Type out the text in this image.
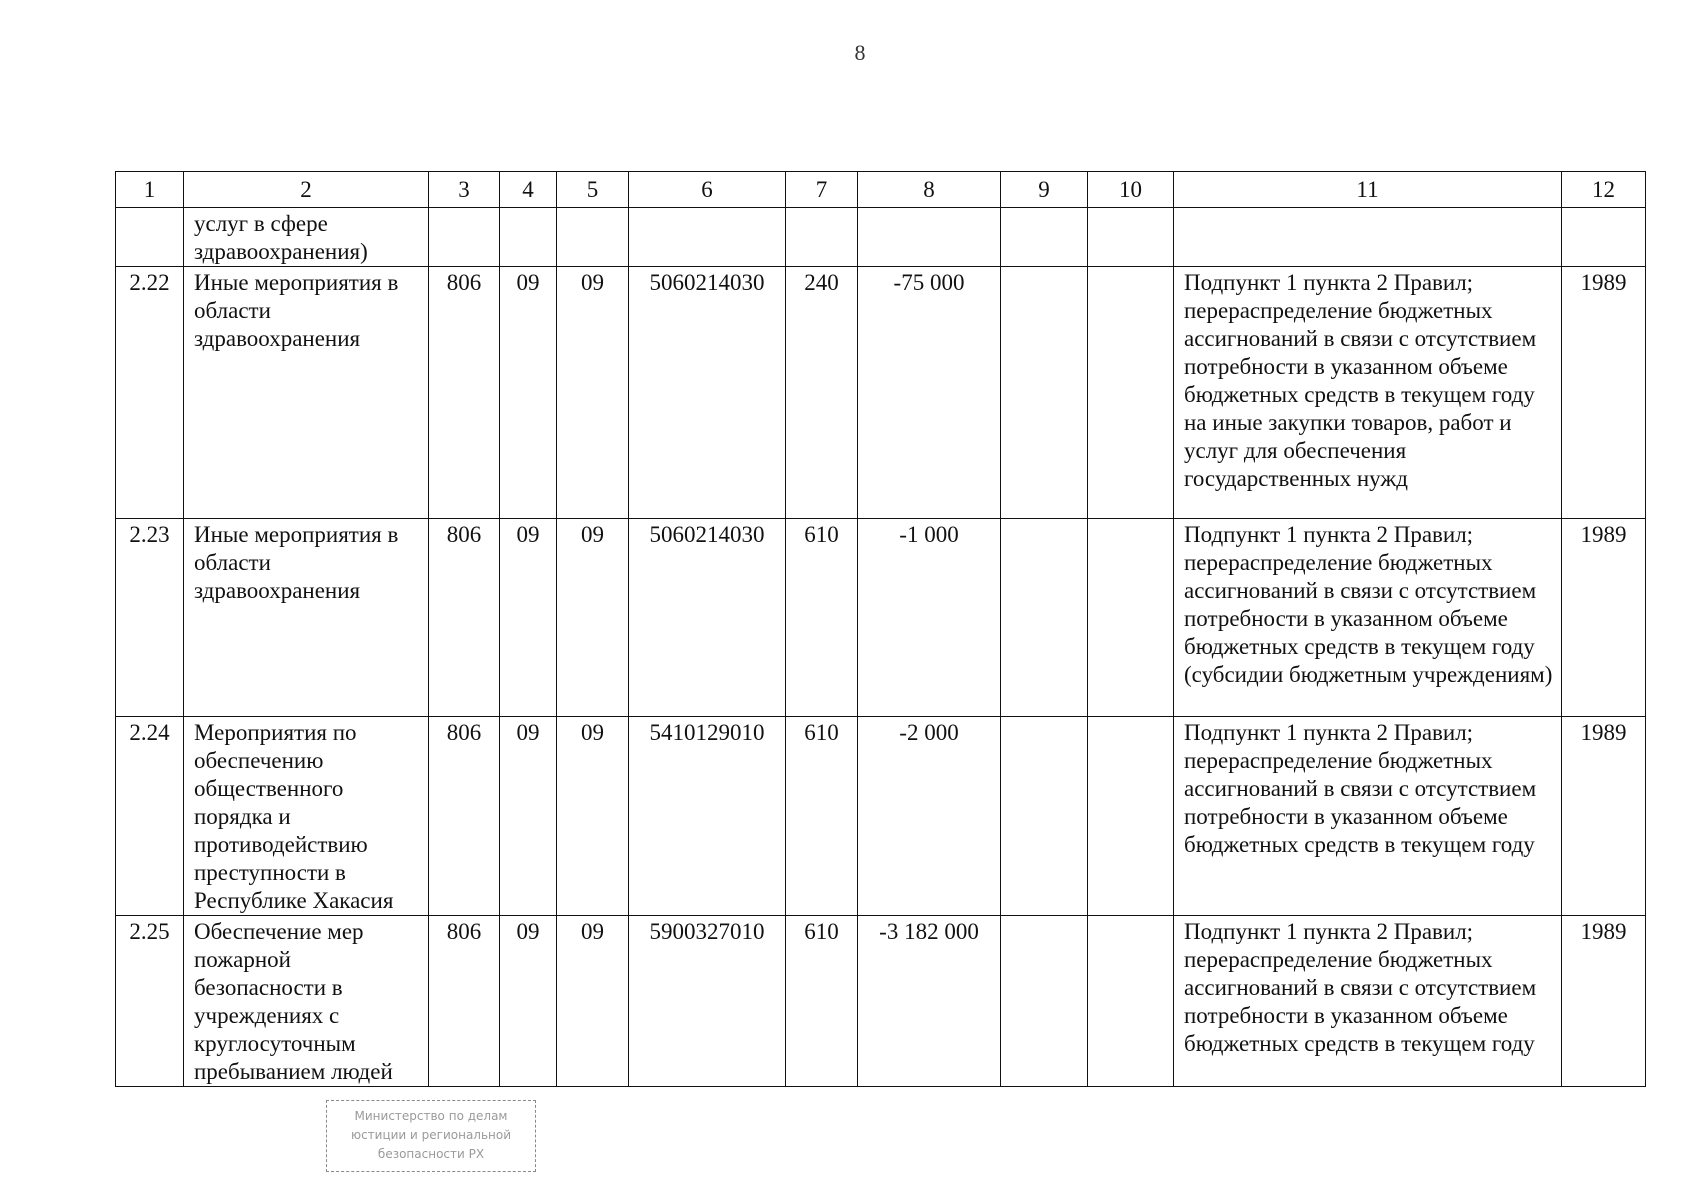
8
1	2	3	4	5	6	7	8	9	10	11	12
	услуг в сфере здравоохранения)										
2.22	Иные мероприятия в области здравоохранения	806	09	09	5060214030	240	-75 000			Подпункт 1 пункта 2 Правил; перераспределение бюджетных ассигнований в связи с отсутствием потребности в указанном объеме бюджетных средств в текущем году на иные закупки товаров, работ и услуг для обеспечения государственных нужд	1989
2.23	Иные мероприятия в области здравоохранения	806	09	09	5060214030	610	-1 000			Подпункт 1 пункта 2 Правил; перераспределение бюджетных ассигнований в связи с отсутствием потребности в указанном объеме бюджетных средств в текущем году (субсидии бюджетным учреждениям)	1989
2.24	Мероприятия по обеспечению общественного порядка и противодействию преступности в Республике Хакасия	806	09	09	5410129010	610	-2 000			Подпункт 1 пункта 2 Правил; перераспределение бюджетных ассигнований в связи с отсутствием потребности в указанном объеме бюджетных средств в текущем году	1989
2.25	Обеспечение мер пожарной безопасности в учреждениях с круглосуточным пребыванием людей	806	09	09	5900327010	610	-3 182 000			Подпункт 1 пункта 2 Правил; перераспределение бюджетных ассигнований в связи с отсутствием потребности в указанном объеме бюджетных средств в текущем году	1989
Министерство по делам
юстиции и региональной
безопасности РХ
